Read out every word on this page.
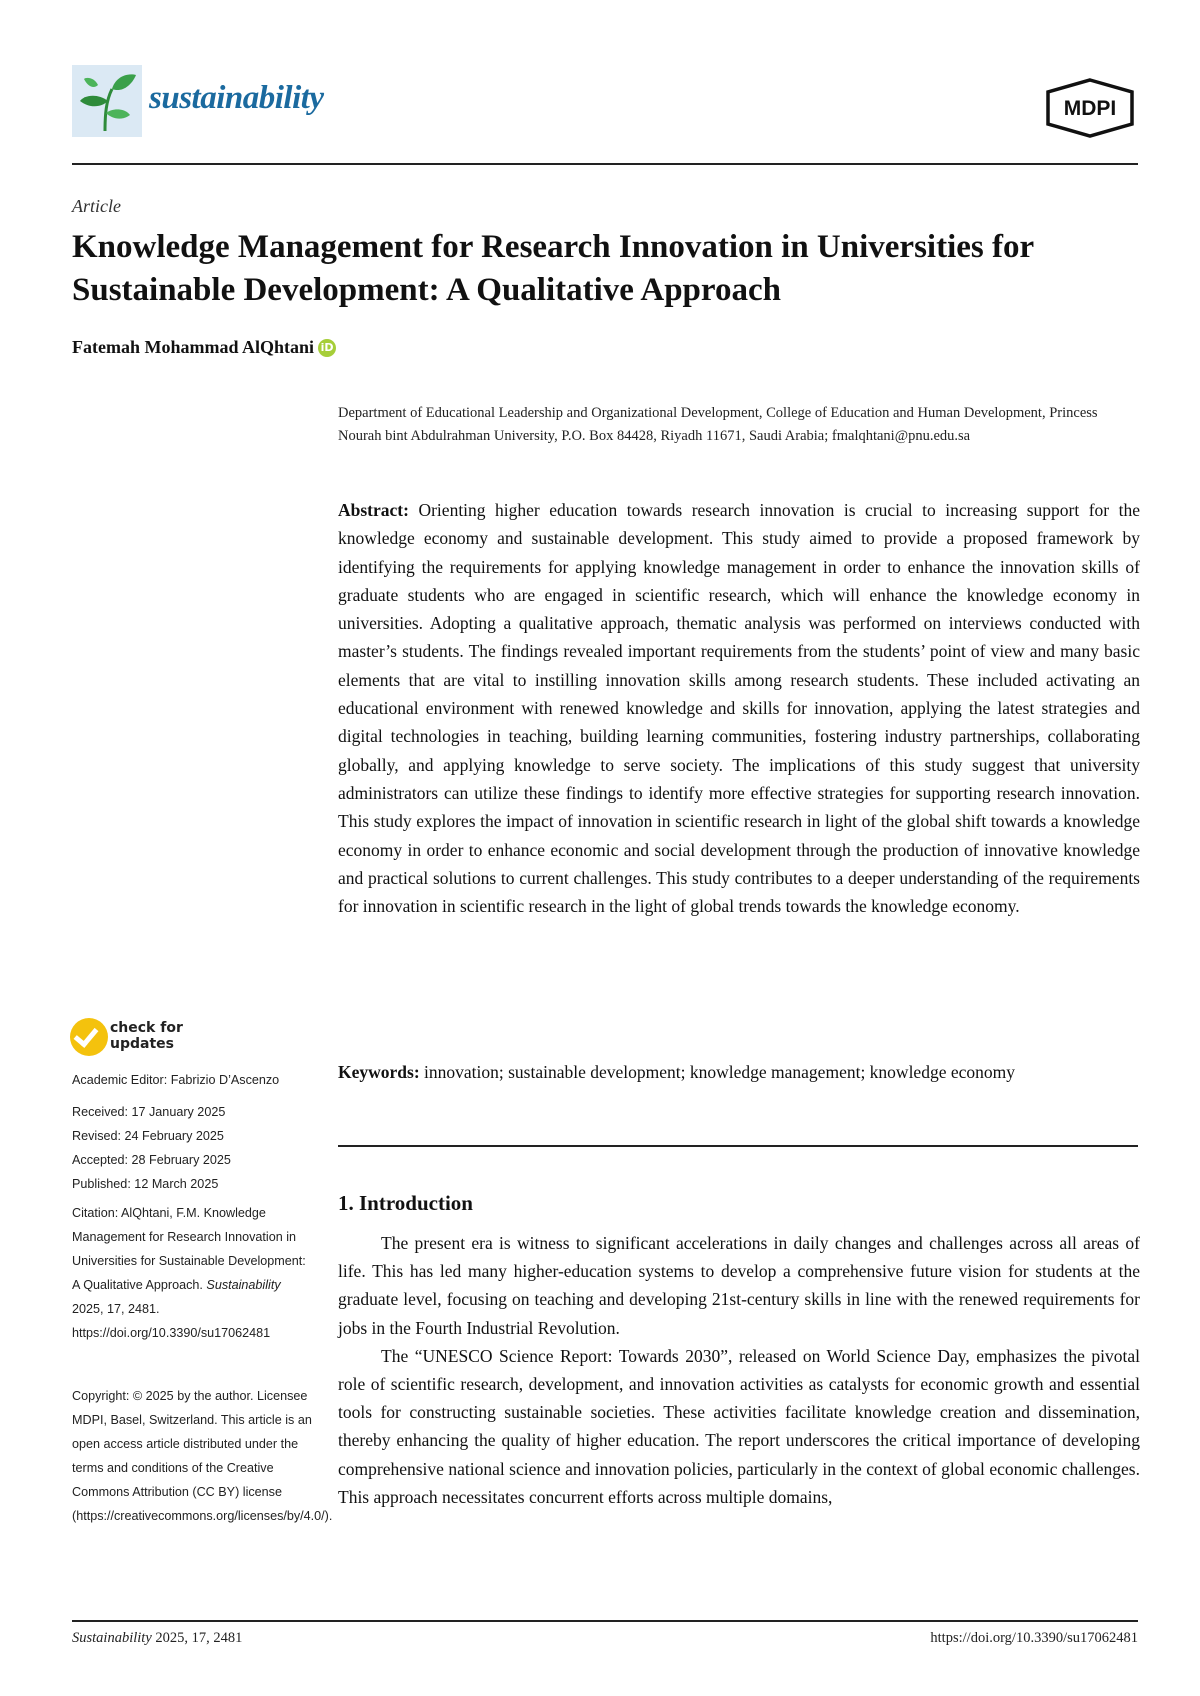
sustainability	MDPI
Article
Knowledge Management for Research Innovation in Universities for Sustainable Development: A Qualitative Approach
Fatemah Mohammad AlQhtani iD
Department of Educational Leadership and Organizational Development, College of Education and Human Development, Princess Nourah bint Abdulrahman University, P.O. Box 84428, Riyadh 11671, Saudi Arabia; fmalqhtani@pnu.edu.sa
Abstract: Orienting higher education towards research innovation is crucial to increasing support for the knowledge economy and sustainable development. This study aimed to provide a proposed framework by identifying the requirements for applying knowledge management in order to enhance the innovation skills of graduate students who are engaged in scientific research, which will enhance the knowledge economy in universities. Adopting a qualitative approach, thematic analysis was performed on interviews conducted with master’s students. The findings revealed important requirements from the students’ point of view and many basic elements that are vital to instilling innovation skills among research students. These included activating an educational environment with renewed knowledge and skills for innovation, applying the latest strategies and digital technologies in teaching, building learning communities, fostering industry partnerships, collaborating globally, and applying knowledge to serve society. The implications of this study suggest that university administrators can utilize these findings to identify more effective strategies for supporting research innovation. This study explores the impact of innovation in scientific research in light of the global shift towards a knowledge economy in order to enhance economic and social development through the production of innovative knowledge and practical solutions to current challenges. This study contributes to a deeper understanding of the requirements for innovation in scientific research in the light of global trends towards the knowledge economy.
Keywords: innovation; sustainable development; knowledge management; knowledge economy
1. Introduction

The present era is witness to significant accelerations in daily changes and challenges across all areas of life. This has led many higher-education systems to develop a comprehensive future vision for students at the graduate level, focusing on teaching and developing 21st-century skills in line with the renewed requirements for jobs in the Fourth Industrial Revolution.

The “UNESCO Science Report: Towards 2030”, released on World Science Day, emphasizes the pivotal role of scientific research, development, and innovation activities as catalysts for economic growth and essential tools for constructing sustainable societies. These activities facilitate knowledge creation and dissemination, thereby enhancing the quality of higher education. The report underscores the critical importance of developing comprehensive national science and innovation policies, particularly in the context of global economic challenges. This approach necessitates concurrent efforts across multiple domains,

check for
updates
Academic Editor: Fabrizio D’Ascenzo
Received: 17 January 2025
Revised: 24 February 2025
Accepted: 28 February 2025
Published: 12 March 2025
Citation: AlQhtani, F.M. Knowledge Management for Research Innovation in Universities for Sustainable Development: A Qualitative Approach. Sustainability 2025, 17, 2481. https://doi.org/10.3390/su17062481
Copyright: © 2025 by the author. Licensee MDPI, Basel, Switzerland. This article is an open access article distributed under the terms and conditions of the Creative Commons Attribution (CC BY) license (https://creativecommons.org/licenses/by/4.0/).
Sustainability 2025, 17, 2481	https://doi.org/10.3390/su17062481
